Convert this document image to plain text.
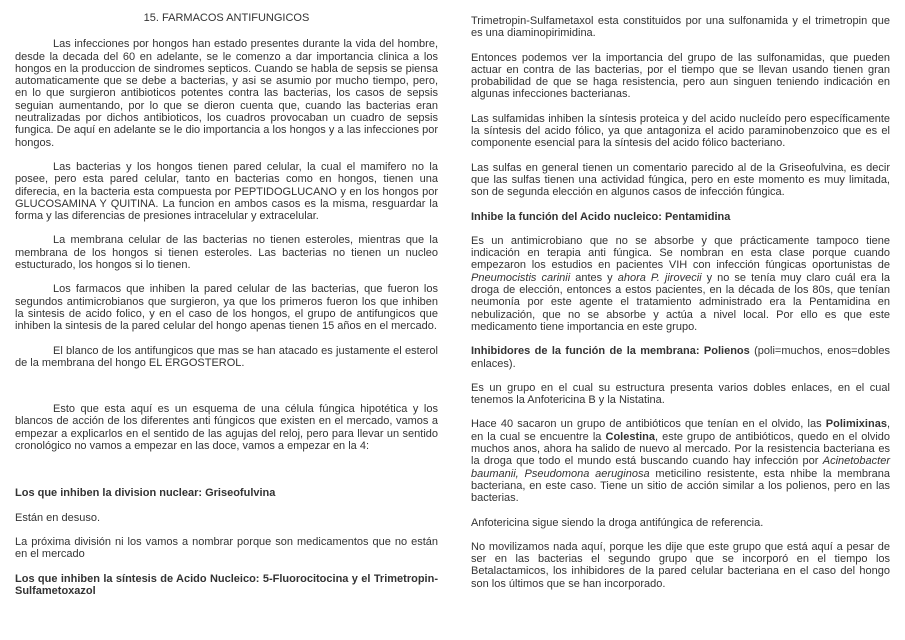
15. FARMACOS ANTIFUNGICOS

Las infecciones por hongos han estado presentes durante la vida del hombre, desde la decada del 60 en adelante, se le comenzo a dar importancia clinica a los hongos en la produccion de sindromes septicos. Cuando se habla de sepsis se piensa automaticamente que se debe a bacterias, y asi se asumio por mucho tiempo, pero, en lo que surgieron antibioticos potentes contra las bacterias, los casos de sepsis seguian aumentando, por lo que se dieron cuenta que, cuando las bacterias eran neutralizadas por dichos antibioticos, los cuadros provocaban un cuadro de sepsis fungica. De aquí en adelante se le dio importancia a los hongos y a las infecciones por hongos.

Las bacterias y los hongos tienen pared celular, la cual el mamifero no la posee, pero esta pared celular, tanto en bacterias como en hongos, tienen una diferecia, en la bacteria esta compuesta por PEPTIDOGLUCANO y en los hongos por GLUCOSAMINA Y QUITINA. La funcion en ambos casos es la misma, resguardar la forma y las diferencias de presiones intracelular y extracelular.

La membrana celular de las bacterias no tienen esteroles, mientras que la membrana de los hongos si tienen esteroles. Las bacterias no tienen un nucleo estucturado, los hongos si lo tienen.

Los farmacos que inhiben la pared celular de las bacterias, que fueron los segundos antimicrobianos que surgieron, ya que los primeros fueron los que inhiben la sintesis de acido folico, y en el caso de los hongos, el grupo de antifungicos que inhiben la sintesis de la pared celular del hongo apenas tienen 15 años en el mercado.

El blanco de los antifungicos que mas se han atacado es justamente el esterol de la membrana del hongo EL ERGOSTEROL.

Esto que esta aquí es un esquema de una célula fúngica hipotética y los blancos de acción de los diferentes anti fúngicos que existen en el mercado, vamos a empezar a explicarlos en el sentido de las agujas del reloj, pero para llevar un sentido cronológico no vamos a empezar en las doce, vamos a empezar en la 4:

Los que inhiben la division nuclear: Griseofulvina

Están en desuso.

La próxima división ni los vamos a nombrar porque son medicamentos que no están en el mercado

Los que inhiben la síntesis de Acido Nucleico: 5-Fluorocitocina y el Trimetropin-Sulfametoxazol

Trimetropin-Sulfametaxol esta constituidos por una sulfonamida y el trimetropin que es una diaminopirimidina.

Entonces podemos ver la importancia del grupo de las sulfonamidas, que pueden actuar en contra de las bacterias, por el tiempo que se llevan usando tienen gran probabilidad de que se haga resistencia, pero aun singuen teniendo indicación en algunas infecciones bacterianas.

Las sulfamidas inhiben la síntesis proteica y del acido nucleído pero específicamente la síntesis del acido fólico, ya que antagoniza el acido paraminobenzoico que es el componente esencial para la síntesis del acido fólico bacteriano.

Las sulfas en general tienen un comentario parecido al de la Griseofulvina, es decir que las sulfas tienen una actividad fúngica, pero en este momento es muy limitada, son de segunda elección en algunos casos de infección fúngica.

Inhibe la función del Acido nucleico: Pentamidina

Es un antimicrobiano que no se absorbe y que prácticamente tampoco tiene indicación en terapia anti fúngica. Se nombran en esta clase porque cuando empezaron los estudios en pacientes VIH con infección fúngicas oportunistas de Pneumocistis carinii antes y ahora P. jirovecii y no se tenía muy claro cuál era la droga de elección, entonces a estos pacientes, en la década de los 80s, que tenían neumonía por este agente el tratamiento administrado era la Pentamidina en nebulización, que no se absorbe y actúa a nivel local. Por ello es que este medicamento tiene importancia en este grupo.

Inhibidores de la función de la membrana: Polienos (poli=muchos, enos=dobles enlaces).

Es un grupo en el cual su estructura presenta varios dobles enlaces, en el cual tenemos la Anfotericina B y la Nistatina.

Hace 40 sacaron un grupo de antibióticos que tenían en el olvido, las Polimixinas, en la cual se encuentre la Colestina, este grupo de antibióticos, quedo en el olvido muchos anos, ahora ha salido de nuevo al mercado. Por la resistencia bacteriana es la droga que todo el mundo está buscando cuando hay infección por Acinetobacter baumanii, Pseudomona aeruginosa meticilino resistente, esta nhibe la membrana bacteriana, en este caso. Tiene un sitio de acción similar a los polienos, pero en las bacterias.

Anfotericina sigue siendo la droga antifúngica de referencia.

No movilizamos nada aquí, porque les dije que este grupo que está aquí a pesar de ser en las bacterias el segundo grupo que se incorporó en el tiempo los Betalactamicos, los inhibidores de la pared celular bacteriana en el caso del hongo son los últimos que se han incorporado.
